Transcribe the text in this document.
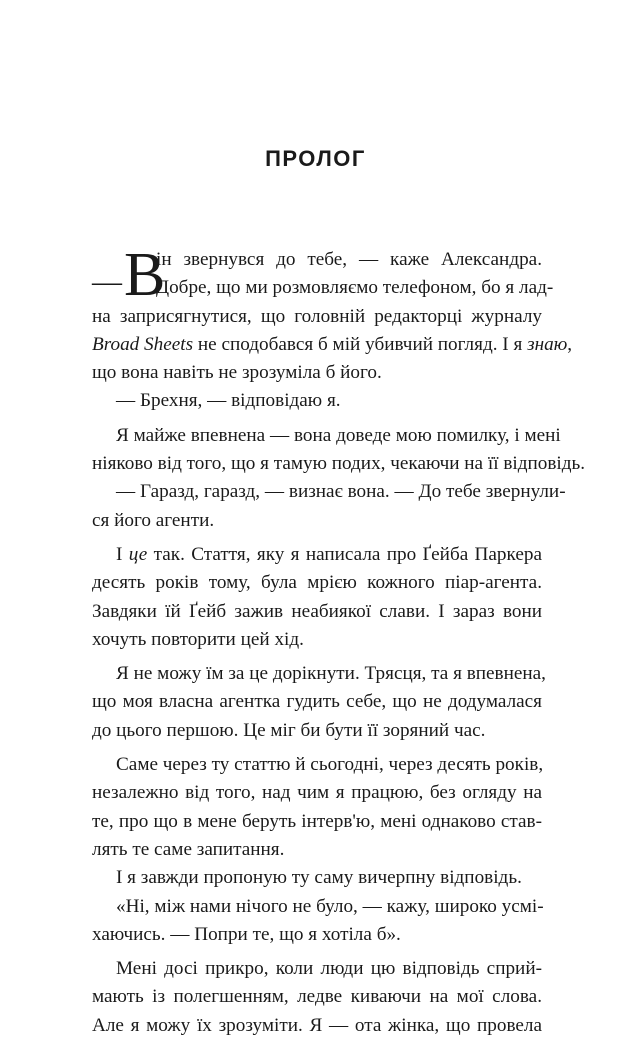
ПРОЛОГ
— В
ін звернувся до тебе, — каже Александра.
Добре, що ми розмовляємо телефоном, бо я лад-
на заприсягнутися, що головній редакторці журналу
Broad Sheets не сподобався б мій убивчий погляд. І я знаю,
що вона навіть не зрозуміла б його.
— Брехня, — відповідаю я.
Я майже впевнена — вона доведе мою помилку, і мені
ніяково від того, що я тамую подих, чекаючи на її відповідь.
— Гаразд, гаразд, — визнає вона. — До тебе звернули-
ся його агенти.
І це так. Стаття, яку я написала про Ґейба Паркера
десять років тому, була мрією кожного піар-агента.
Завдяки їй Ґейб зажив неабиякої слави. І зараз вони
хочуть повторити цей хід.
Я не можу їм за це дорікнути. Трясця, та я впевнена,
що моя власна агентка гудить себе, що не додумалася
до цього першою. Це міг би бути її зоряний час.
Саме через ту статтю й сьогодні, через десять років,
незалежно від того, над чим я працюю, без огляду на
те, про що в мене беруть інтерв'ю, мені однаково став-
лять те саме запитання.
І я завжди пропоную ту саму вичерпну відповідь.
«Ні, між нами нічого не було, — кажу, широко усмі-
хаючись. — Попри те, що я хотіла б».
Мені досі прикро, коли люди цю відповідь сприй-
мають із полегшенням, ледве киваючи на мої слова.
Але я можу їх зрозуміти. Я — ота жінка, що провела
